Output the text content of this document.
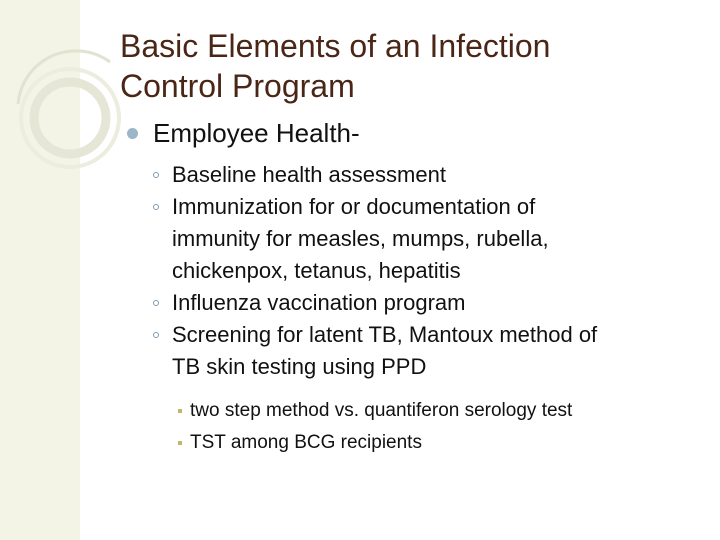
Basic Elements of an Infection
Control Program
Employee Health-
Baseline health assessment
Immunization for or documentation of
immunity for measles, mumps, rubella,
chickenpox, tetanus, hepatitis
Influenza vaccination program
Screening for latent TB, Mantoux method of
TB skin testing using PPD
two step method vs. quantiferon serology test
TST among BCG recipients
